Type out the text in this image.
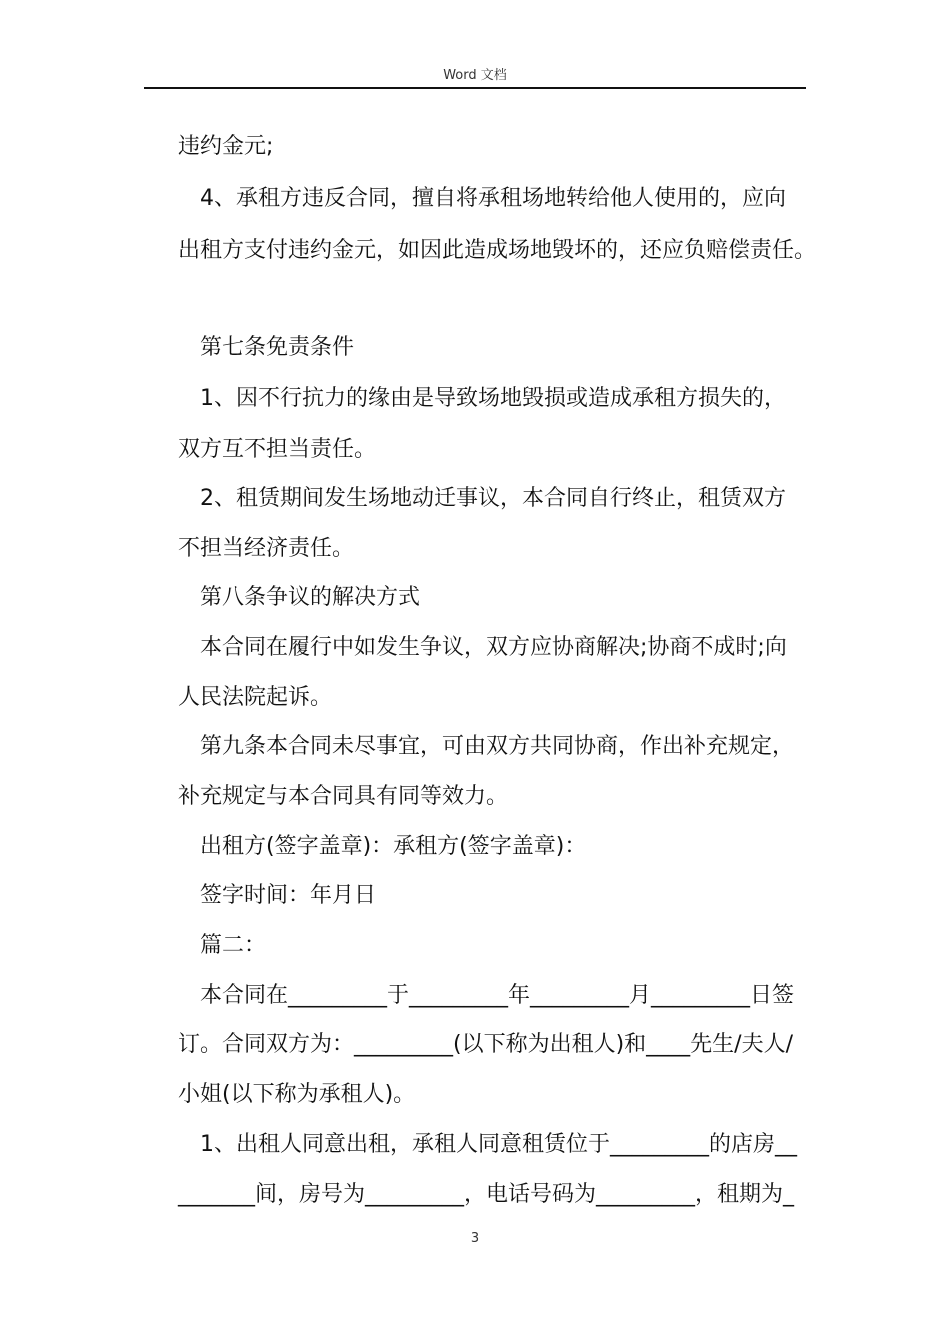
Word 文档
违约金元;
4、承租方违反合同，擅自将承租场地转给他人使用的，应向
出租方支付违约金元，如因此造成场地毁坏的，还应负赔偿责任。
第七条免责条件
1、因不行抗力的缘由是导致场地毁损或造成承租方损失的，
双方互不担当责任。
2、租赁期间发生场地动迁事议，本合同自行终止，租赁双方
不担当经济责任。
第八条争议的解决方式
本合同在履行中如发生争议，双方应协商解决;协商不成时;向
人民法院起诉。
第九条本合同未尽事宜，可由双方共同协商，作出补充规定，
补充规定与本合同具有同等效力。
出租方(签字盖章)：承租方(签字盖章)：
签字时间：年月日
篇二：
本合同在_________于_________年_________月_________日签
订。合同双方为：_________(以下称为出租人)和____先生/夫人/
小姐(以下称为承租人)。
1、出租人同意出租，承租人同意租赁位于_________的店房__
_______间，房号为_________，电话号码为_________，租期为_
3
